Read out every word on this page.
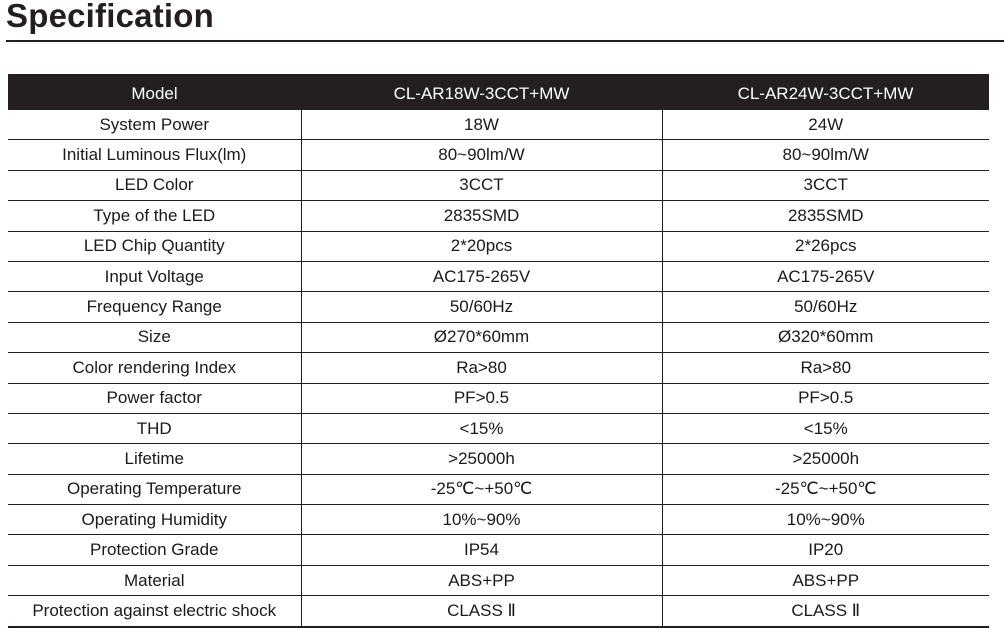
Specification
Model	CL-AR18W-3CCT+MW	CL-AR24W-3CCT+MW
System Power	18W	24W
Initial Luminous Flux(lm)	80~90lm/W	80~90lm/W
LED Color	3CCT	3CCT
Type of the LED	2835SMD	2835SMD
LED Chip Quantity	2*20pcs	2*26pcs
Input Voltage	AC175-265V	AC175-265V
Frequency Range	50/60Hz	50/60Hz
Size	Ø270*60mm	Ø320*60mm
Color rendering Index	Ra>80	Ra>80
Power factor	PF>0.5	PF>0.5
THD	<15%	<15%
Lifetime	>25000h	>25000h
Operating Temperature	-25℃~+50℃	-25℃~+50℃
Operating Humidity	10%~90%	10%~90%
Protection Grade	IP54	IP20
Material	ABS+PP	ABS+PP
Protection against electric shock	CLASS Ⅱ	CLASS Ⅱ
